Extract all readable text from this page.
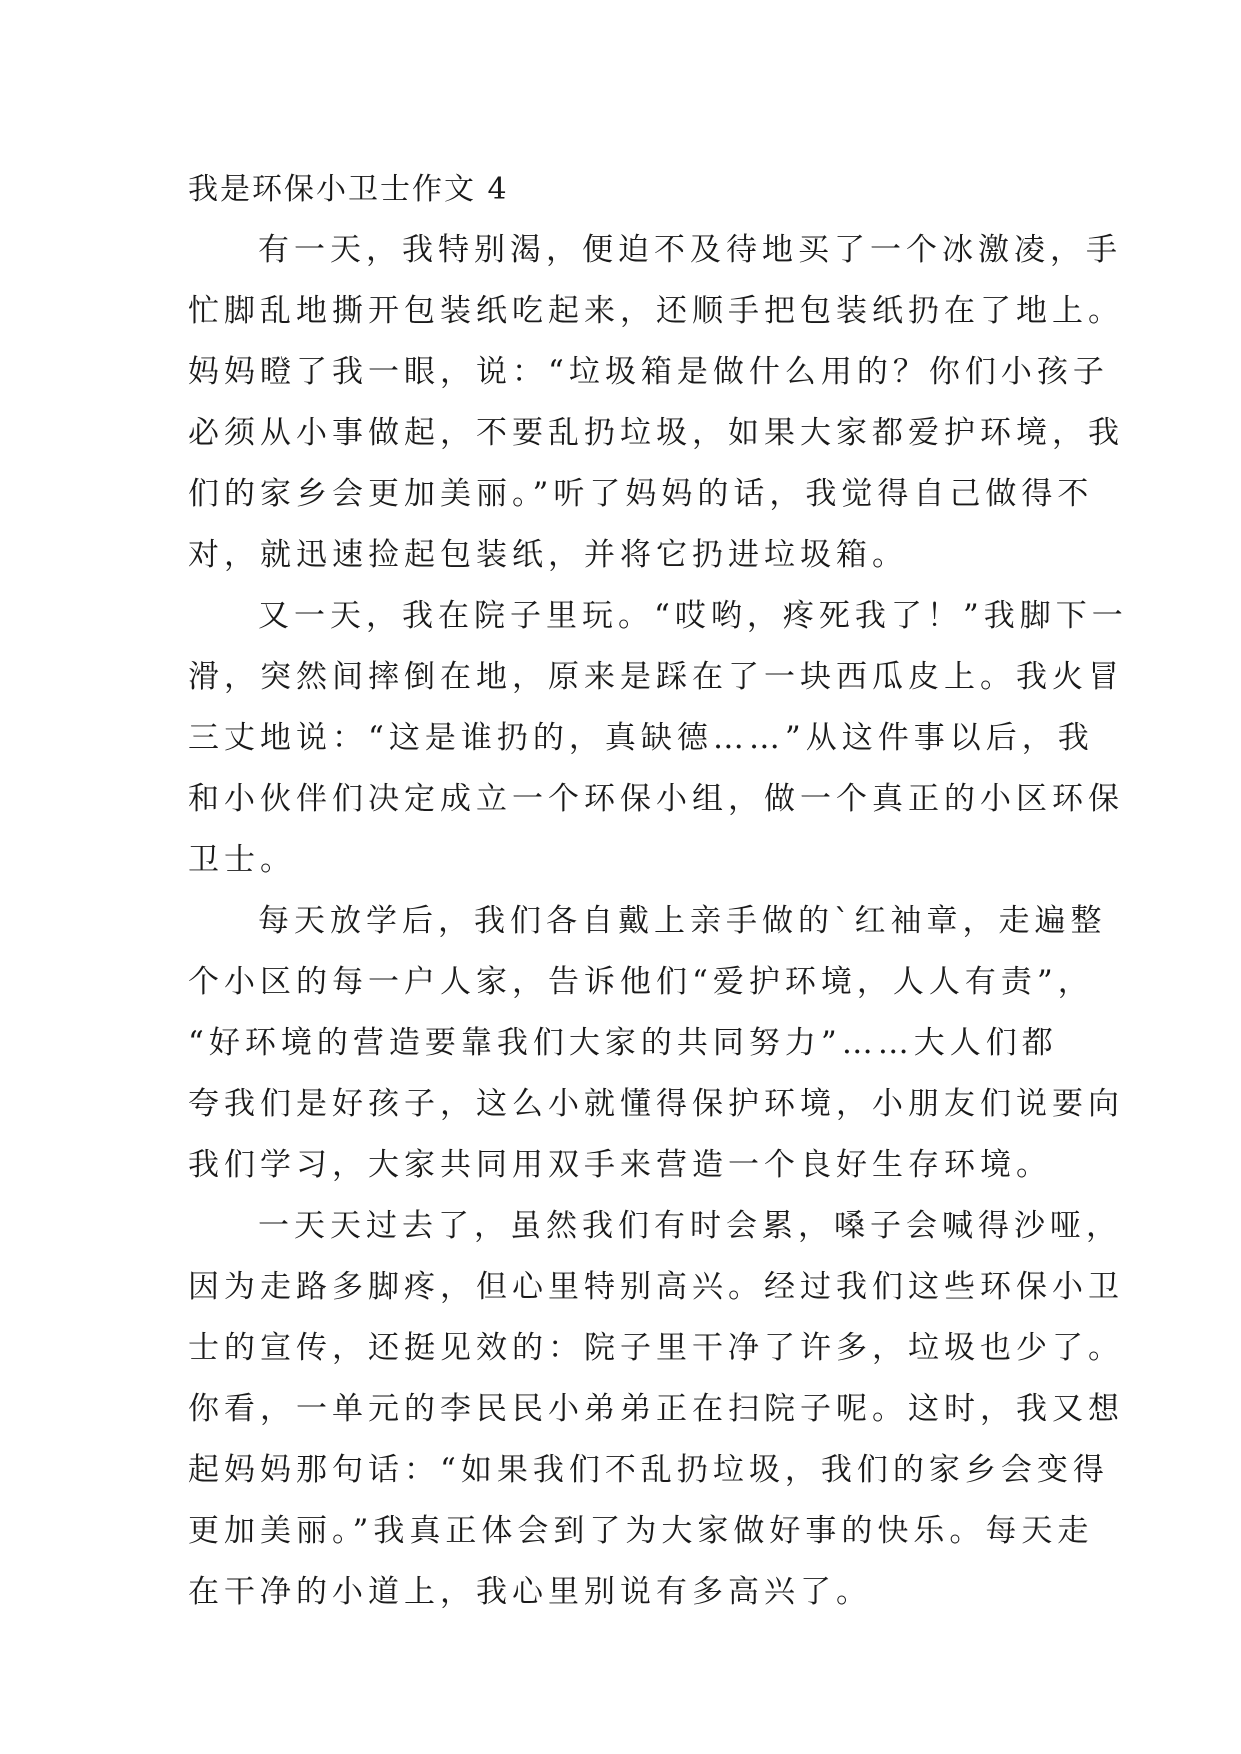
我是环保小卫士作文 4
有一天，我特别渴，便迫不及待地买了一个冰激凌，手
忙脚乱地撕开包装纸吃起来，还顺手把包装纸扔在了地上。
妈妈瞪了我一眼，说：“垃圾箱是做什么用的？你们小孩子
必须从小事做起，不要乱扔垃圾，如果大家都爱护环境，我
们的家乡会更加美丽。”听了妈妈的话，我觉得自己做得不
对，就迅速捡起包装纸，并将它扔进垃圾箱。
又一天，我在院子里玩。“哎哟，疼死我了！”我脚下一
滑，突然间摔倒在地，原来是踩在了一块西瓜皮上。我火冒
三丈地说：“这是谁扔的，真缺德……”从这件事以后，我
和小伙伴们决定成立一个环保小组，做一个真正的小区环保
卫士。
每天放学后，我们各自戴上亲手做的`红袖章，走遍整
个小区的每一户人家，告诉他们“爱护环境，人人有责”，
“好环境的营造要靠我们大家的共同努力”……大人们都
夸我们是好孩子，这么小就懂得保护环境，小朋友们说要向
我们学习，大家共同用双手来营造一个良好生存环境。
一天天过去了，虽然我们有时会累，嗓子会喊得沙哑，
因为走路多脚疼，但心里特别高兴。经过我们这些环保小卫
士的宣传，还挺见效的：院子里干净了许多，垃圾也少了。
你看，一单元的李民民小弟弟正在扫院子呢。这时，我又想
起妈妈那句话：“如果我们不乱扔垃圾，我们的家乡会变得
更加美丽。”我真正体会到了为大家做好事的快乐。每天走
在干净的小道上，我心里别说有多高兴了。
